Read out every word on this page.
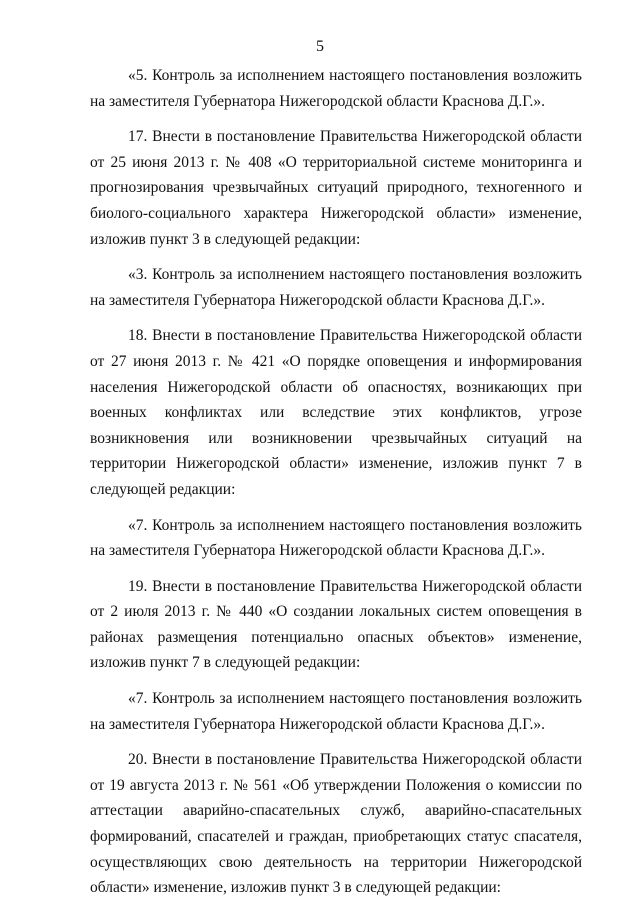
5

«5. Контроль за исполнением настоящего постановления возложить на заместителя Губернатора Нижегородской области Краснова Д.Г.».

17. Внести в постановление Правительства Нижегородской области от 25 июня 2013 г. № 408 «О территориальной системе мониторинга и прогнозирования чрезвычайных ситуаций природного, техногенного и биолого-социального характера Нижегородской области» изменение, изложив пункт 3 в следующей редакции:

«3. Контроль за исполнением настоящего постановления возложить на заместителя Губернатора Нижегородской области Краснова Д.Г.».

18. Внести в постановление Правительства Нижегородской области от 27 июня 2013 г. № 421 «О порядке оповещения и информирования населения Нижегородской области об опасностях, возникающих при военных конфликтах или вследствие этих конфликтов, угрозе возникновения или возникновении чрезвычайных ситуаций на территории Нижегородской области» изменение, изложив пункт 7 в следующей редакции:

«7. Контроль за исполнением настоящего постановления возложить на заместителя Губернатора Нижегородской области Краснова Д.Г.».

19. Внести в постановление Правительства Нижегородской области от 2 июля 2013 г. № 440 «О создании локальных систем оповещения в районах размещения потенциально опасных объектов» изменение, изложив пункт 7 в следующей редакции:

«7. Контроль за исполнением настоящего постановления возложить на заместителя Губернатора Нижегородской области Краснова Д.Г.».

20. Внести в постановление Правительства Нижегородской области от 19 августа 2013 г. № 561 «Об утверждении Положения о комиссии по аттестации аварийно-спасательных служб, аварийно-спасательных формирований, спасателей и граждан, приобретающих статус спасателя, осуществляющих свою деятельность на территории Нижегородской области» изменение, изложив пункт 3 в следующей редакции:
